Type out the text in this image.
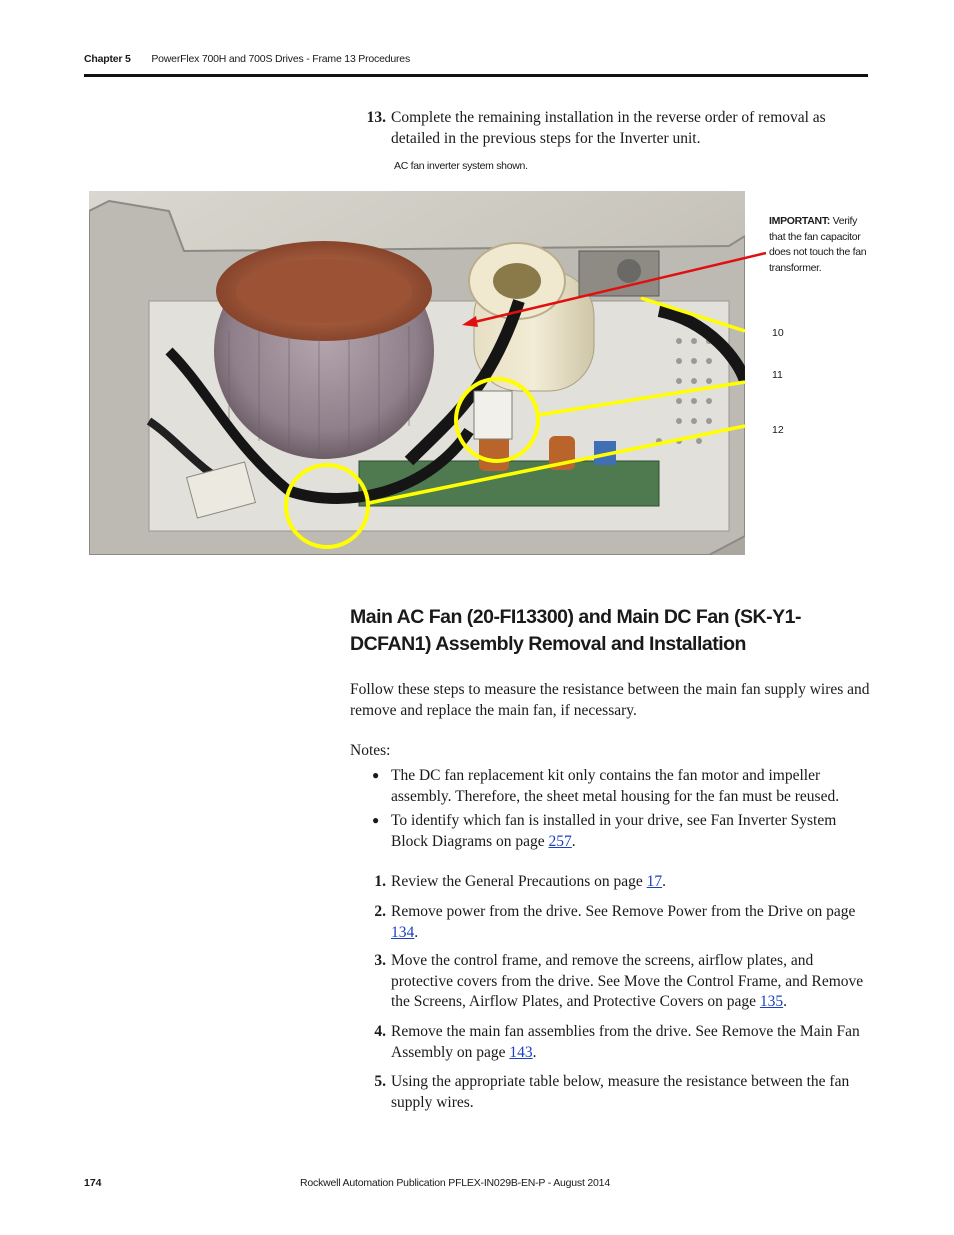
Chapter 5 PowerFlex 700H and 700S Drives - Frame 13 Procedures
13. Complete the remaining installation in the reverse order of removal as detailed in the previous steps for the Inverter unit.
AC fan inverter system shown.
IMPORTANT: Verify that the fan capacitor does not touch the fan transformer.
10
11
12
Main AC Fan (20-FI13300) and Main DC Fan (SK-Y1-DCFAN1) Assembly Removal and Installation
Follow these steps to measure the resistance between the main fan supply wires and remove and replace the main fan, if necessary.
Notes:
● The DC fan replacement kit only contains the fan motor and impeller assembly. Therefore, the sheet metal housing for the fan must be reused.
● To identify which fan is installed in your drive, see Fan Inverter System Block Diagrams on page 257.
1. Review the General Precautions on page 17.
2. Remove power from the drive. See Remove Power from the Drive on page 134.
3. Move the control frame, and remove the screens, airflow plates, and protective covers from the drive. See Move the Control Frame, and Remove the Screens, Airflow Plates, and Protective Covers on page 135.
4. Remove the main fan assemblies from the drive. See Remove the Main Fan Assembly on page 143.
5. Using the appropriate table below, measure the resistance between the fan supply wires.
174	Rockwell Automation Publication PFLEX-IN029B-EN-P - August 2014
